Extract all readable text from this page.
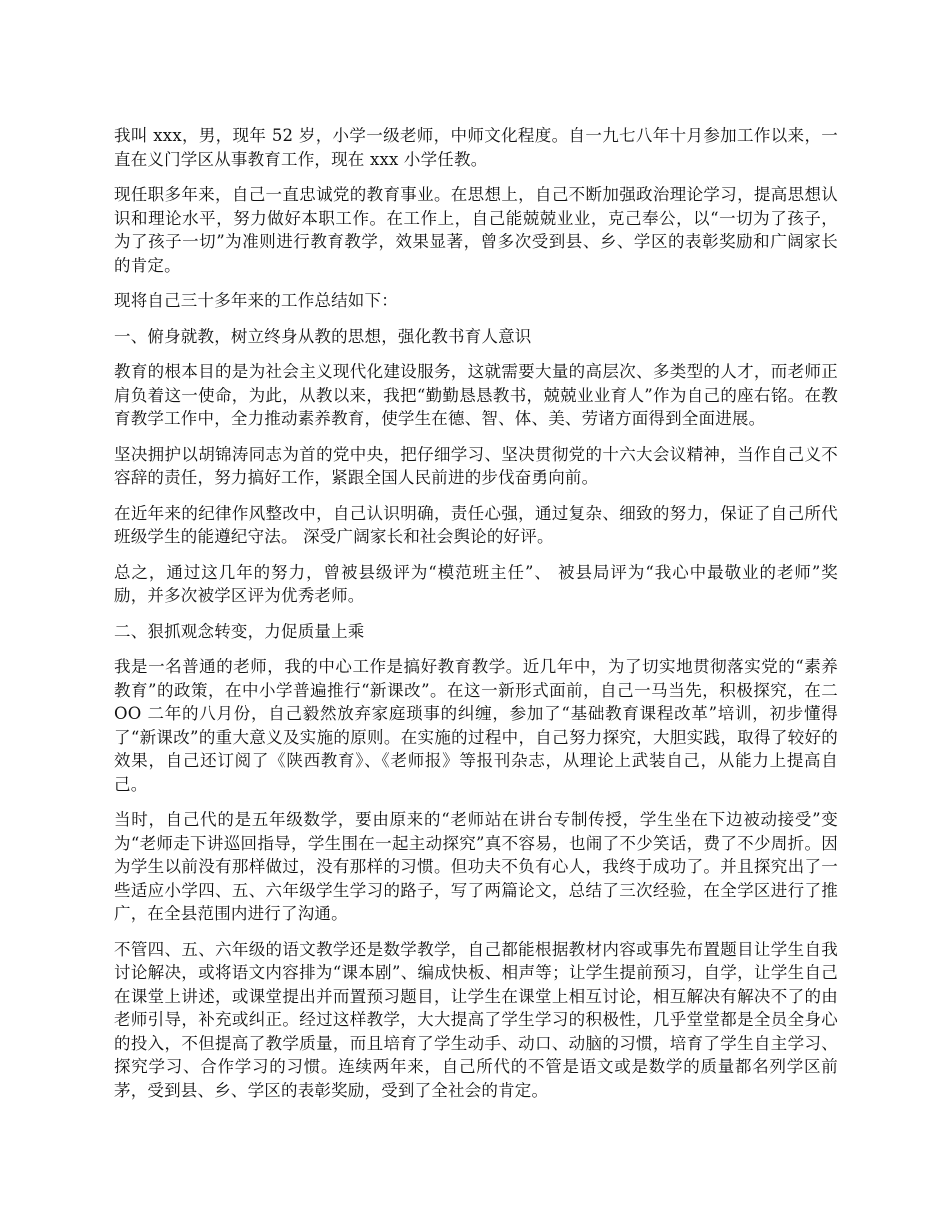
我叫 xxx，男，现年 52 岁，小学一级老师，中师文化程度。自一九七八年十月参加工作以来，一直在义门学区从事教育工作，现在 xxx 小学任教。

现任职多年来，自己一直忠诚党的教育事业。在思想上，自己不断加强政治理论学习，提高思想认识和理论水平，努力做好本职工作。在工作上，自己能兢兢业业，克己奉公，以“一切为了孩子，为了孩子一切”为准则进行教育教学，效果显著，曾多次受到县、乡、学区的表彰奖励和广阔家长的肯定。

现将自己三十多年来的工作总结如下：

一、俯身就教，树立终身从教的思想，强化教书育人意识

教育的根本目的是为社会主义现代化建设服务，这就需要大量的高层次、多类型的人才，而老师正肩负着这一使命，为此，从教以来，我把“勤勤恳恳教书，兢兢业业育人”作为自己的座右铭。在教育教学工作中，全力推动素养教育，使学生在德、智、体、美、劳诸方面得到全面进展。

坚决拥护以胡锦涛同志为首的党中央，把仔细学习、坚决贯彻党的十六大会议精神，当作自己义不容辞的责任，努力搞好工作，紧跟全国人民前进的步伐奋勇向前。

在近年来的纪律作风整改中，自己认识明确，责任心强，通过复杂、细致的努力，保证了自己所代班级学生的能遵纪守法。 深受广阔家长和社会舆论的好评。

总之，通过这几年的努力，曾被县级评为“模范班主任”、 被县局评为“我心中最敬业的老师”奖励，并多次被学区评为优秀老师。

二、狠抓观念转变，力促质量上乘

我是一名普通的老师，我的中心工作是搞好教育教学。近几年中，为了切实地贯彻落实党的“素养教育”的政策，在中小学普遍推行“新课改”。在这一新形式面前，自己一马当先，积极探究，在二 OO 二年的八月份，自己毅然放弃家庭琐事的纠缠，参加了“基础教育课程改革”培训，初步懂得了“新课改”的重大意义及实施的原则。在实施的过程中，自己努力探究，大胆实践，取得了较好的效果，自己还订阅了《陕西教育》、《老师报》等报刊杂志，从理论上武装自己，从能力上提高自己。

当时，自己代的是五年级数学，要由原来的“老师站在讲台专制传授，学生坐在下边被动接受”变为“老师走下讲巡回指导，学生围在一起主动探究”真不容易，也闹了不少笑话，费了不少周折。因为学生以前没有那样做过，没有那样的习惯。但功夫不负有心人，我终于成功了。并且探究出了一些适应小学四、五、六年级学生学习的路子，写了两篇论文，总结了三次经验，在全学区进行了推广，在全县范围内进行了沟通。

不管四、五、六年级的语文教学还是数学教学，自己都能根据教材内容或事先布置题目让学生自我讨论解决，或将语文内容排为“课本剧”、编成快板、相声等；让学生提前预习，自学，让学生自己在课堂上讲述，或课堂提出并而置预习题目，让学生在课堂上相互讨论，相互解决有解决不了的由老师引导，补充或纠正。经过这样教学，大大提高了学生学习的积极性，几乎堂堂都是全员全身心的投入，不但提高了教学质量，而且培育了学生动手、动口、动脑的习惯，培育了学生自主学习、探究学习、合作学习的习惯。连续两年来，自己所代的不管是语文或是数学的质量都名列学区前茅，受到县、乡、学区的表彰奖励，受到了全社会的肯定。
